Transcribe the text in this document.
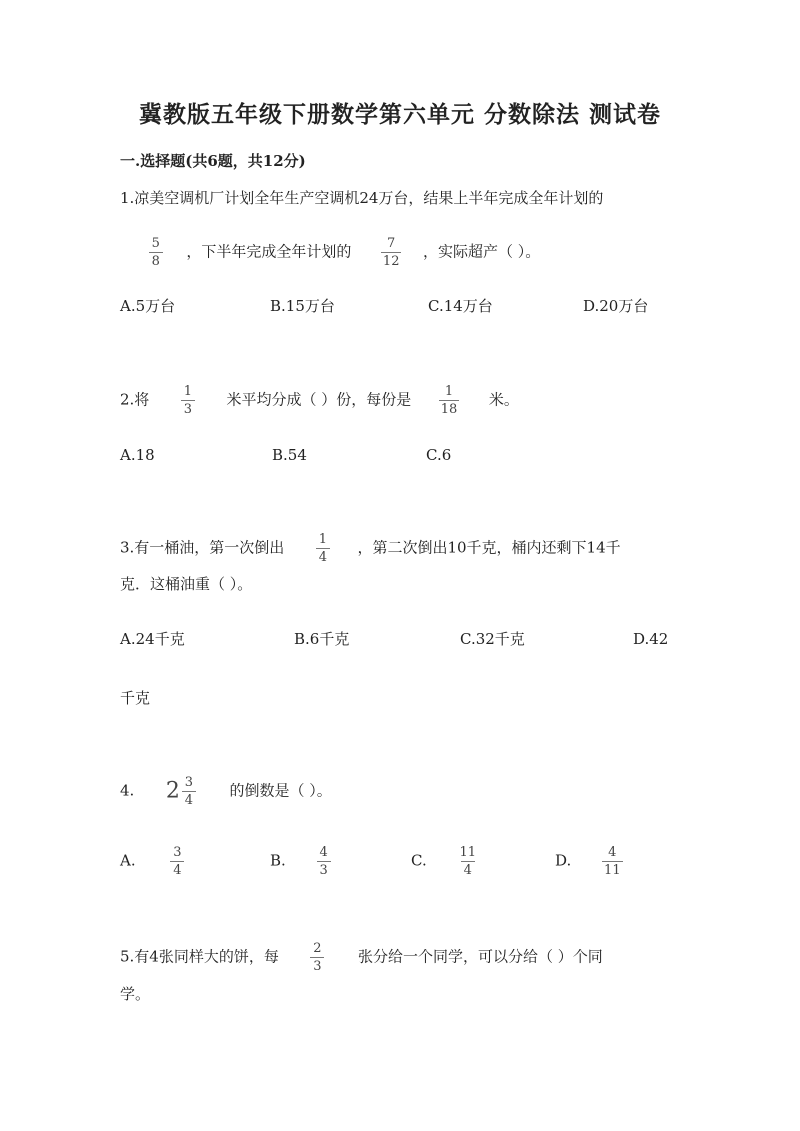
冀教版五年级下册数学第六单元 分数除法 测试卷
一.选择题(共6题，共12分)
1.凉美空调机厂计划全年生产空调机24万台，结果上半年完成全年计划的

$\frac{5}{8}$ ，下半年完成全年计划的 $\frac{7}{12}$ ，实际超产（ ）。
A.5万台	B.15万台	C.14万台	D.20万台
2.将 $\frac{1}{3}$ 米平均分成（ ）份，每份是 $\frac{1}{18}$ 米。
A.18	B.54	C.6
3.有一桶油，第一次倒出 $\frac{1}{4}$ ，第二次倒出10千克，桶内还剩下14千
克．这桶油重（ ）。
A.24千克	B.6千克	C.32千克	D.42
千克
4. $2 \frac{3}{4}$ 的倒数是（ ）。
A.	$\frac{3}{4}$	B. $\frac{4}{3}$	C. $\frac{11}{4}$	D. $\frac{4}{11}$
5.有4张同样大的饼，每 $\frac{2}{3}$ 张分给一个同学，可以分给（ ）个同
学。
